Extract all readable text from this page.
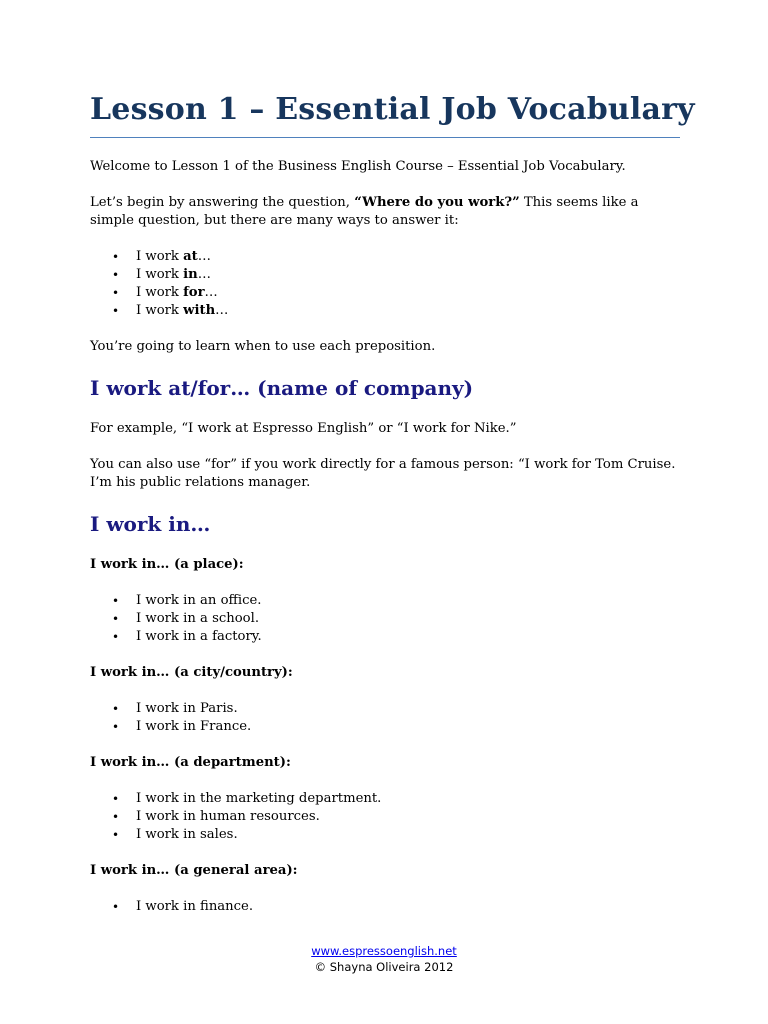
Lesson 1 – Essential Job Vocabulary

Welcome to Lesson 1 of the Business English Course – Essential Job Vocabulary.

Let’s begin by answering the question, “Where do you work?” This seems like a simple question, but there are many ways to answer it:

• I work at…
• I work in…
• I work for…
• I work with…

You’re going to learn when to use each preposition.

I work at/for… (name of company)

For example, “I work at Espresso English” or “I work for Nike.”

You can also use “for” if you work directly for a famous person: “I work for Tom Cruise. I’m his public relations manager.

I work in…
I work in… (a place):
• I work in an office.
• I work in a school.
• I work in a factory.
I work in… (a city/country):
• I work in Paris.
• I work in France.
I work in… (a department):
• I work in the marketing department.
• I work in human resources.
• I work in sales.
I work in… (a general area):
• I work in finance.
www.espressoenglish.net
© Shayna Oliveira 2012
